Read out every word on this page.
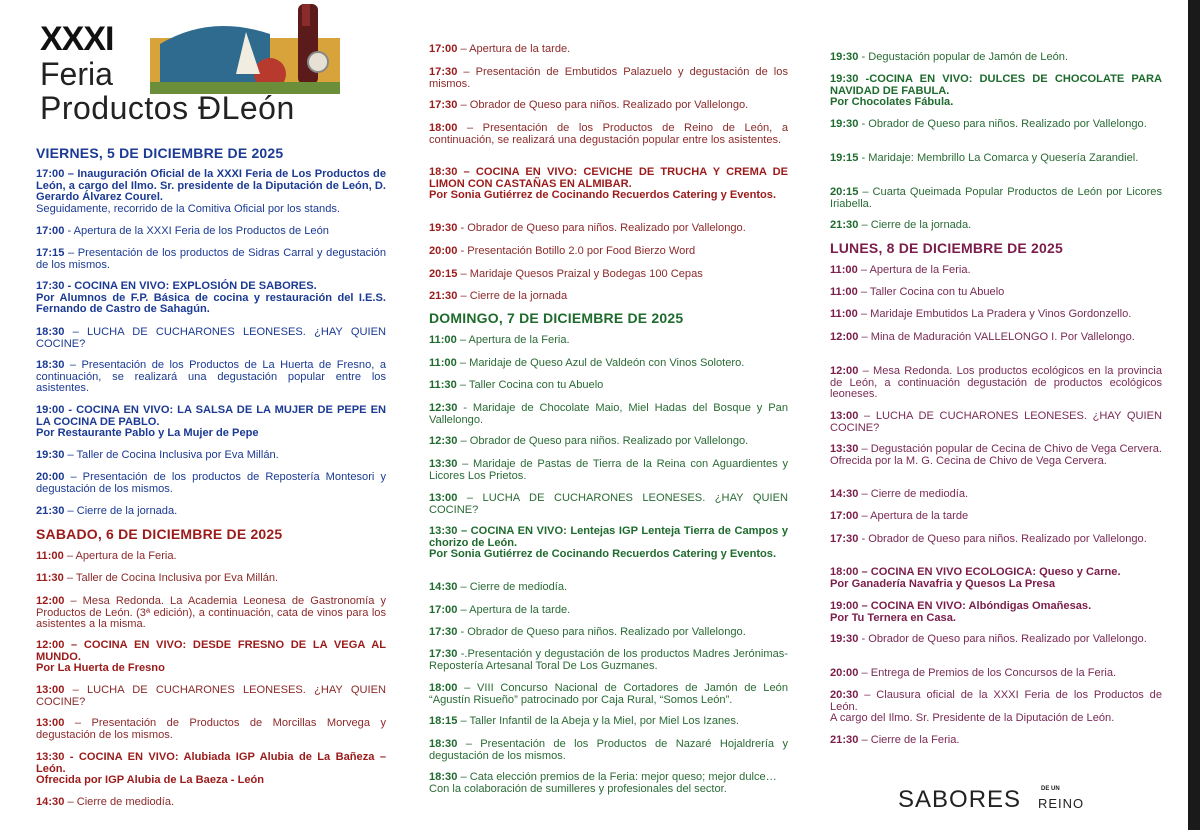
XXXI
Feria
Productos ÐLeón
VIERNES, 5 DE DICIEMBRE DE 2025
17:00 – Inauguración Oficial de la XXXI Feria de Los Productos de León, a cargo del Ilmo. Sr. presidente de la Diputación de León, D. Gerardo Álvarez Courel.
Seguidamente, recorrido de la Comitiva Oficial por los stands.
17:00 - Apertura de la XXXI Feria de los Productos de León
17:15 – Presentación de los productos de Sidras Carral y degustación de los mismos.
17:30 - COCINA EN VIVO: EXPLOSIÓN DE SABORES.
Por Alumnos de F.P. Básica de cocina y restauración del I.E.S. Fernando de Castro de Sahagún.
18:30 – LUCHA DE CUCHARONES LEONESES. ¿HAY QUIEN COCINE?
18:30 – Presentación de los Productos de La Huerta de Fresno, a continuación, se realizará una degustación popular entre los asistentes.
19:00 - COCINA EN VIVO: LA SALSA DE LA MUJER DE PEPE EN LA COCINA DE PABLO.
Por Restaurante Pablo y La Mujer de Pepe
19:30 – Taller de Cocina Inclusiva por Eva Millán.
20:00 – Presentación de los productos de Repostería Montesori y degustación de los mismos.
21:30 – Cierre de la jornada.
SABADO, 6 DE DICIEMBRE DE 2025
11:00 – Apertura de la Feria.
11:30 – Taller de Cocina Inclusiva por Eva Millán.
12:00 – Mesa Redonda. La Academia Leonesa de Gastronomía y Productos de León. (3ª edición), a continuación, cata de vinos para los asistentes a la misma.
12:00 – COCINA EN VIVO: DESDE FRESNO DE LA VEGA AL MUNDO.
Por La Huerta de Fresno
13:00 – LUCHA DE CUCHARONES LEONESES. ¿HAY QUIEN COCINE?
13:00 – Presentación de Productos de Morcillas Morvega y degustación de los mismos.
13:30 - COCINA EN VIVO: Alubiada IGP Alubia de La Bañeza – León.
Ofrecida por IGP Alubia de La Baeza - León
14:30 – Cierre de mediodía.
17:00 – Apertura de la tarde.
17:30 – Presentación de Embutidos Palazuelo y degustación de los mismos.
17:30 – Obrador de Queso para niños. Realizado por Vallelongo.
18:00 – Presentación de los Productos de Reino de León, a continuación, se realizará una degustación popular entre los asistentes.
18:30 – COCINA EN VIVO: CEVICHE DE TRUCHA Y CREMA DE LIMON CON CASTAÑAS EN ALMIBAR.
Por Sonia Gutiérrez de Cocinando Recuerdos Catering y Eventos.
19:30 - Obrador de Queso para niños. Realizado por Vallelongo.
20:00 - Presentación Botillo 2.0 por Food Bierzo Word
20:15 – Maridaje Quesos Praizal y Bodegas 100 Cepas
21:30 – Cierre de la jornada
DOMINGO, 7 DE DICIEMBRE DE 2025
11:00 – Apertura de la Feria.
11:00 – Maridaje de Queso Azul de Valdeón con Vinos Solotero.
11:30 – Taller Cocina con tu Abuelo
12:30 - Maridaje de Chocolate Maio, Miel Hadas del Bosque y Pan Vallelongo.
12:30 – Obrador de Queso para niños. Realizado por Vallelongo.
13:30 – Maridaje de Pastas de Tierra de la Reina con Aguardientes y Licores Los Prietos.
13:00 – LUCHA DE CUCHARONES LEONESES. ¿HAY QUIEN COCINE?
13:30 – COCINA EN VIVO: Lentejas IGP Lenteja Tierra de Campos y chorizo de León.
Por Sonia Gutiérrez de Cocinando Recuerdos Catering y Eventos.
14:30 – Cierre de mediodía.
17:00 – Apertura de la tarde.
17:30 - Obrador de Queso para niños. Realizado por Vallelongo.
17:30 -.Presentación y degustación de los productos Madres Jerónimas-Repostería Artesanal Toral De Los Guzmanes.
18:00 – VIII Concurso Nacional de Cortadores de Jamón de León “Agustín Risueño” patrocinado por Caja Rural, “Somos León”.
18:15 – Taller Infantil de la Abeja y la Miel, por Miel Los Izanes.
18:30 – Presentación de los Productos de Nazaré Hojaldrería y degustación de los mismos.
18:30 – Cata elección premios de la Feria: mejor queso; mejor dulce…
Con la colaboración de sumilleres y profesionales del sector.
19:30 - Degustación popular de Jamón de León.
19:30 -COCINA EN VIVO: DULCES DE CHOCOLATE PARA NAVIDAD DE FABULA.
Por Chocolates Fábula.
19:30 - Obrador de Queso para niños. Realizado por Vallelongo.
19:15 - Maridaje: Membrillo La Comarca y Quesería Zarandiel.
20:15 – Cuarta Queimada Popular Productos de León por Licores Iriabella.
21:30 – Cierre de la jornada.
LUNES, 8 DE DICIEMBRE DE 2025
11:00 – Apertura de la Feria.
11:00 – Taller Cocina con tu Abuelo
11:00 – Maridaje Embutidos La Pradera y Vinos Gordonzello.
12:00 – Mina de Maduración VALLELONGO I. Por Vallelongo.
12:00 – Mesa Redonda. Los productos ecológicos en la provincia de León, a continuación degustación de productos ecológicos leoneses.
13:00 – LUCHA DE CUCHARONES LEONESES. ¿HAY QUIEN COCINE?
13:30 – Degustación popular de Cecina de Chivo de Vega Cervera. Ofrecida por la M. G. Cecina de Chivo de Vega Cervera.
14:30 – Cierre de mediodía.
17:00 – Apertura de la tarde
17:30 - Obrador de Queso para niños. Realizado por Vallelongo.
18:00 – COCINA EN VIVO ECOLOGICA: Queso y Carne.
Por Ganadería Navafria y Quesos La Presa
19:00 – COCINA EN VIVO: Albóndigas Omañesas.
Por Tu Ternera en Casa.
19:30 - Obrador de Queso para niños. Realizado por Vallelongo.
20:00 – Entrega de Premios de los Concursos de la Feria.
20:30 – Clausura oficial de la XXXI Feria de los Productos de León.
A cargo del Ilmo. Sr. Presidente de la Diputación de León.
21:30 – Cierre de la Feria.
SABORES	DE UN
REINO
